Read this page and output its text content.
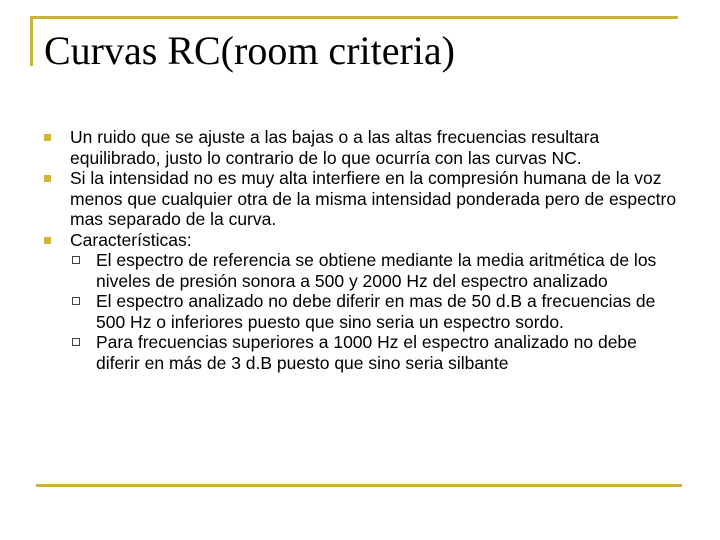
Curvas RC(room criteria)
Un ruido que se ajuste a las bajas o a las altas frecuencias resultara equilibrado, justo lo contrario de lo que ocurría con las curvas NC.
Si la intensidad no es muy alta interfiere en la compresión humana de la voz menos que cualquier otra de la misma intensidad ponderada pero de espectro mas separado de la curva.
Características:
El espectro de referencia se obtiene mediante la media aritmética de los niveles de presión sonora a 500 y 2000 Hz del espectro analizado
El espectro analizado no debe diferir en mas de 50 d.B a frecuencias de 500 Hz o inferiores puesto que sino seria un espectro sordo.
Para frecuencias superiores a 1000 Hz el espectro analizado no debe diferir en más de 3 d.B puesto que sino seria silbante
